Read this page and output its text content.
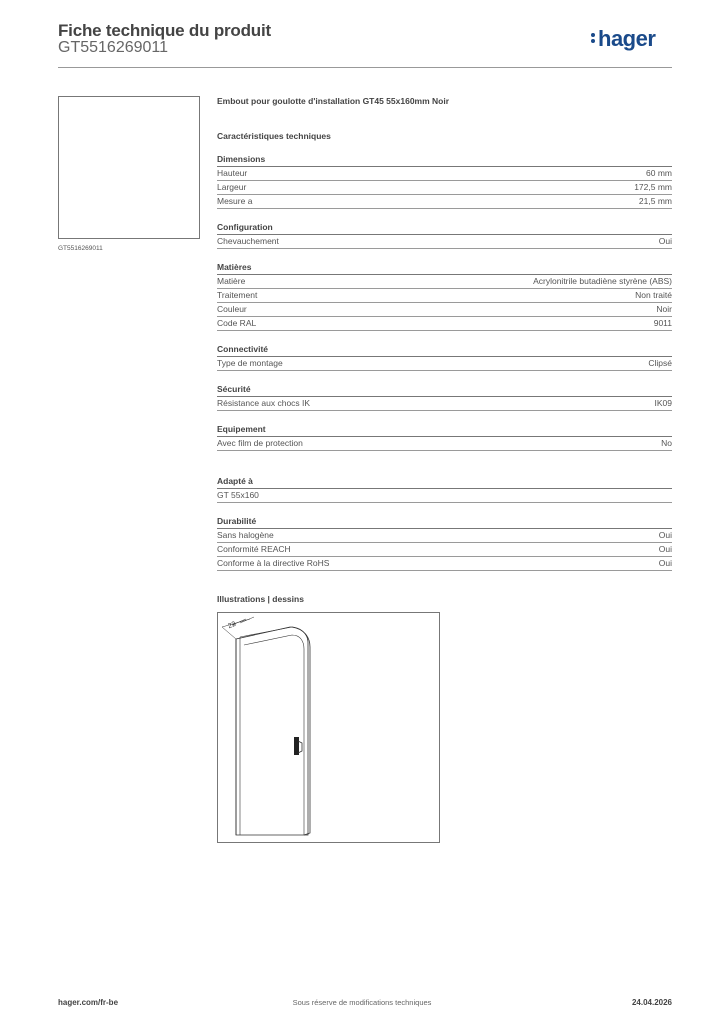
Fiche technique du produit
GT5516269011	hager
GT5516269011
Embout pour goulotte d'installation GT45 55x160mm Noir
Caractéristiques techniques
Dimensions
Hauteur	60 mm
Largeur	172,5 mm
Mesure a	21,5 mm
Configuration
Chevauchement	Oui
Matières
Matière	Acrylonitrile butadiène styrène (ABS)
Traitement	Non traité
Couleur	Noir
Code RAL	9011
Connectivité
Type de montage	Clipsé
Sécurité
Résistance aux chocs IK	IK09
Equipement
Avec film de protection	No
Adapté à
GT 55x160
Durabilité
Sans halogène	Oui
Conformité REACH	Oui
Conforme à la directive RoHS	Oui
Illustrations | dessins
22
hager.com/fr-be	Sous réserve de modifications techniques	24.04.2026
